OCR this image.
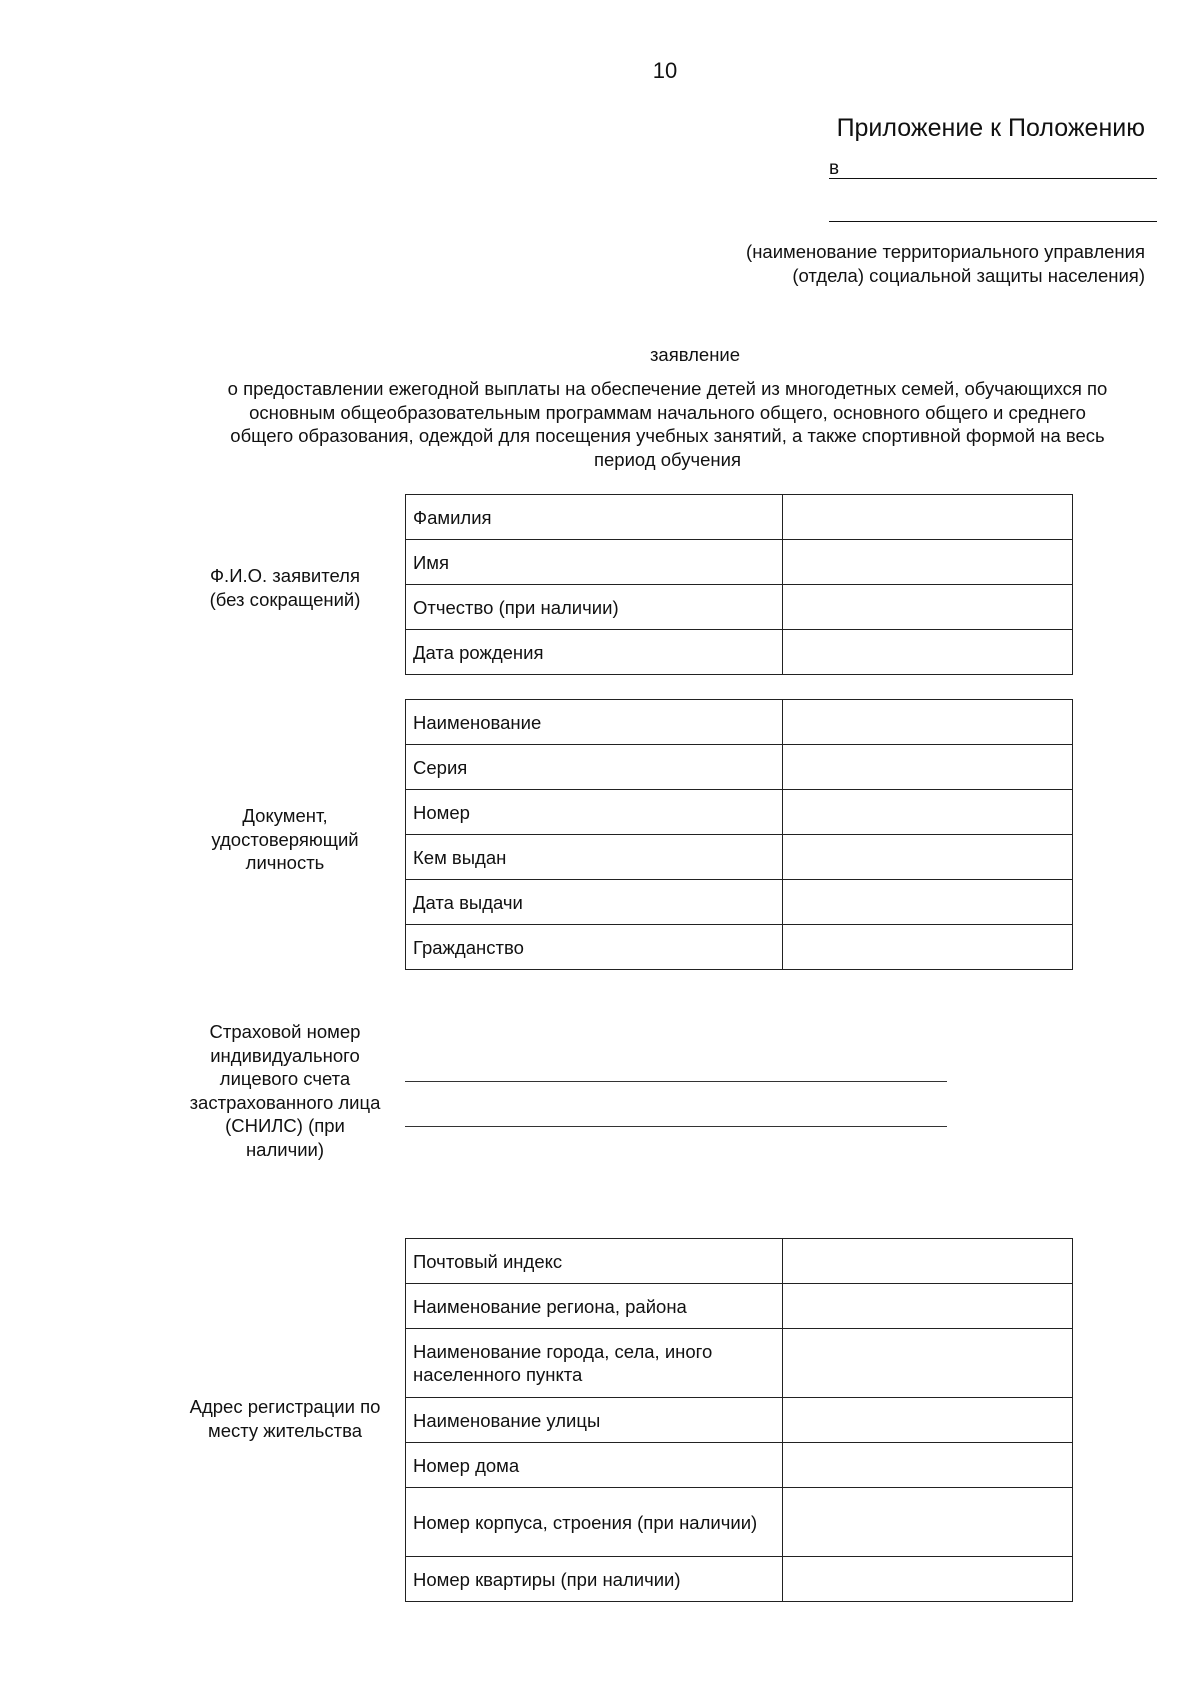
10
Приложение к Положению
в
(наименование территориального управления
(отдела) социальной защиты населения)
заявление
о предоставлении ежегодной выплаты на обеспечение детей из многодетных семей, обучающихся по
основным общеобразовательным программам начального общего, основного общего и среднего
общего образования, одеждой для посещения учебных занятий, а также спортивной формой на весь
период обучения
Ф.И.О. заявителя
(без сокращений)
Фамилия	
Имя	
Отчество (при наличии)	
Дата рождения	
Документ,
удостоверяющий
личность
Наименование	
Серия	
Номер	
Кем выдан	
Дата выдачи	
Гражданство	
Страховой номер
индивидуального
лицевого счета
застрахованного лица
(СНИЛС) (при
наличии)
Адрес регистрации по
месту жительства
Почтовый индекс	
Наименование региона, района	
Наименование города, села, иного населенного пункта	
Наименование улицы	
Номер дома	
Номер корпуса, строения (при наличии)	
Номер квартиры (при наличии)	
